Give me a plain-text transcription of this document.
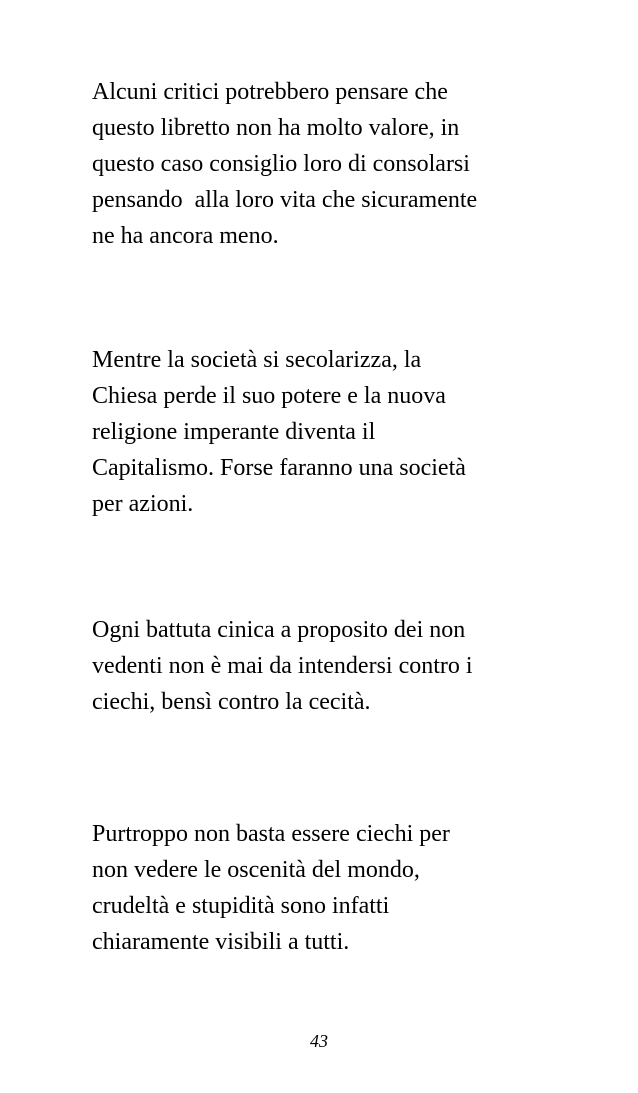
Alcuni critici potrebbero pensare che
questo libretto non ha molto valore, in
questo caso consiglio loro di consolarsi
pensando  alla loro vita che sicuramente
ne ha ancora meno.

Mentre la società si secolarizza, la
Chiesa perde il suo potere e la nuova
religione imperante diventa il
Capitalismo. Forse faranno una società
per azioni.

Ogni battuta cinica a proposito dei non
vedenti non è mai da intendersi contro i
ciechi, bensì contro la cecità.

Purtroppo non basta essere ciechi per
non vedere le oscenità del mondo,
crudeltà e stupidità sono infatti
chiaramente visibili a tutti.

43
